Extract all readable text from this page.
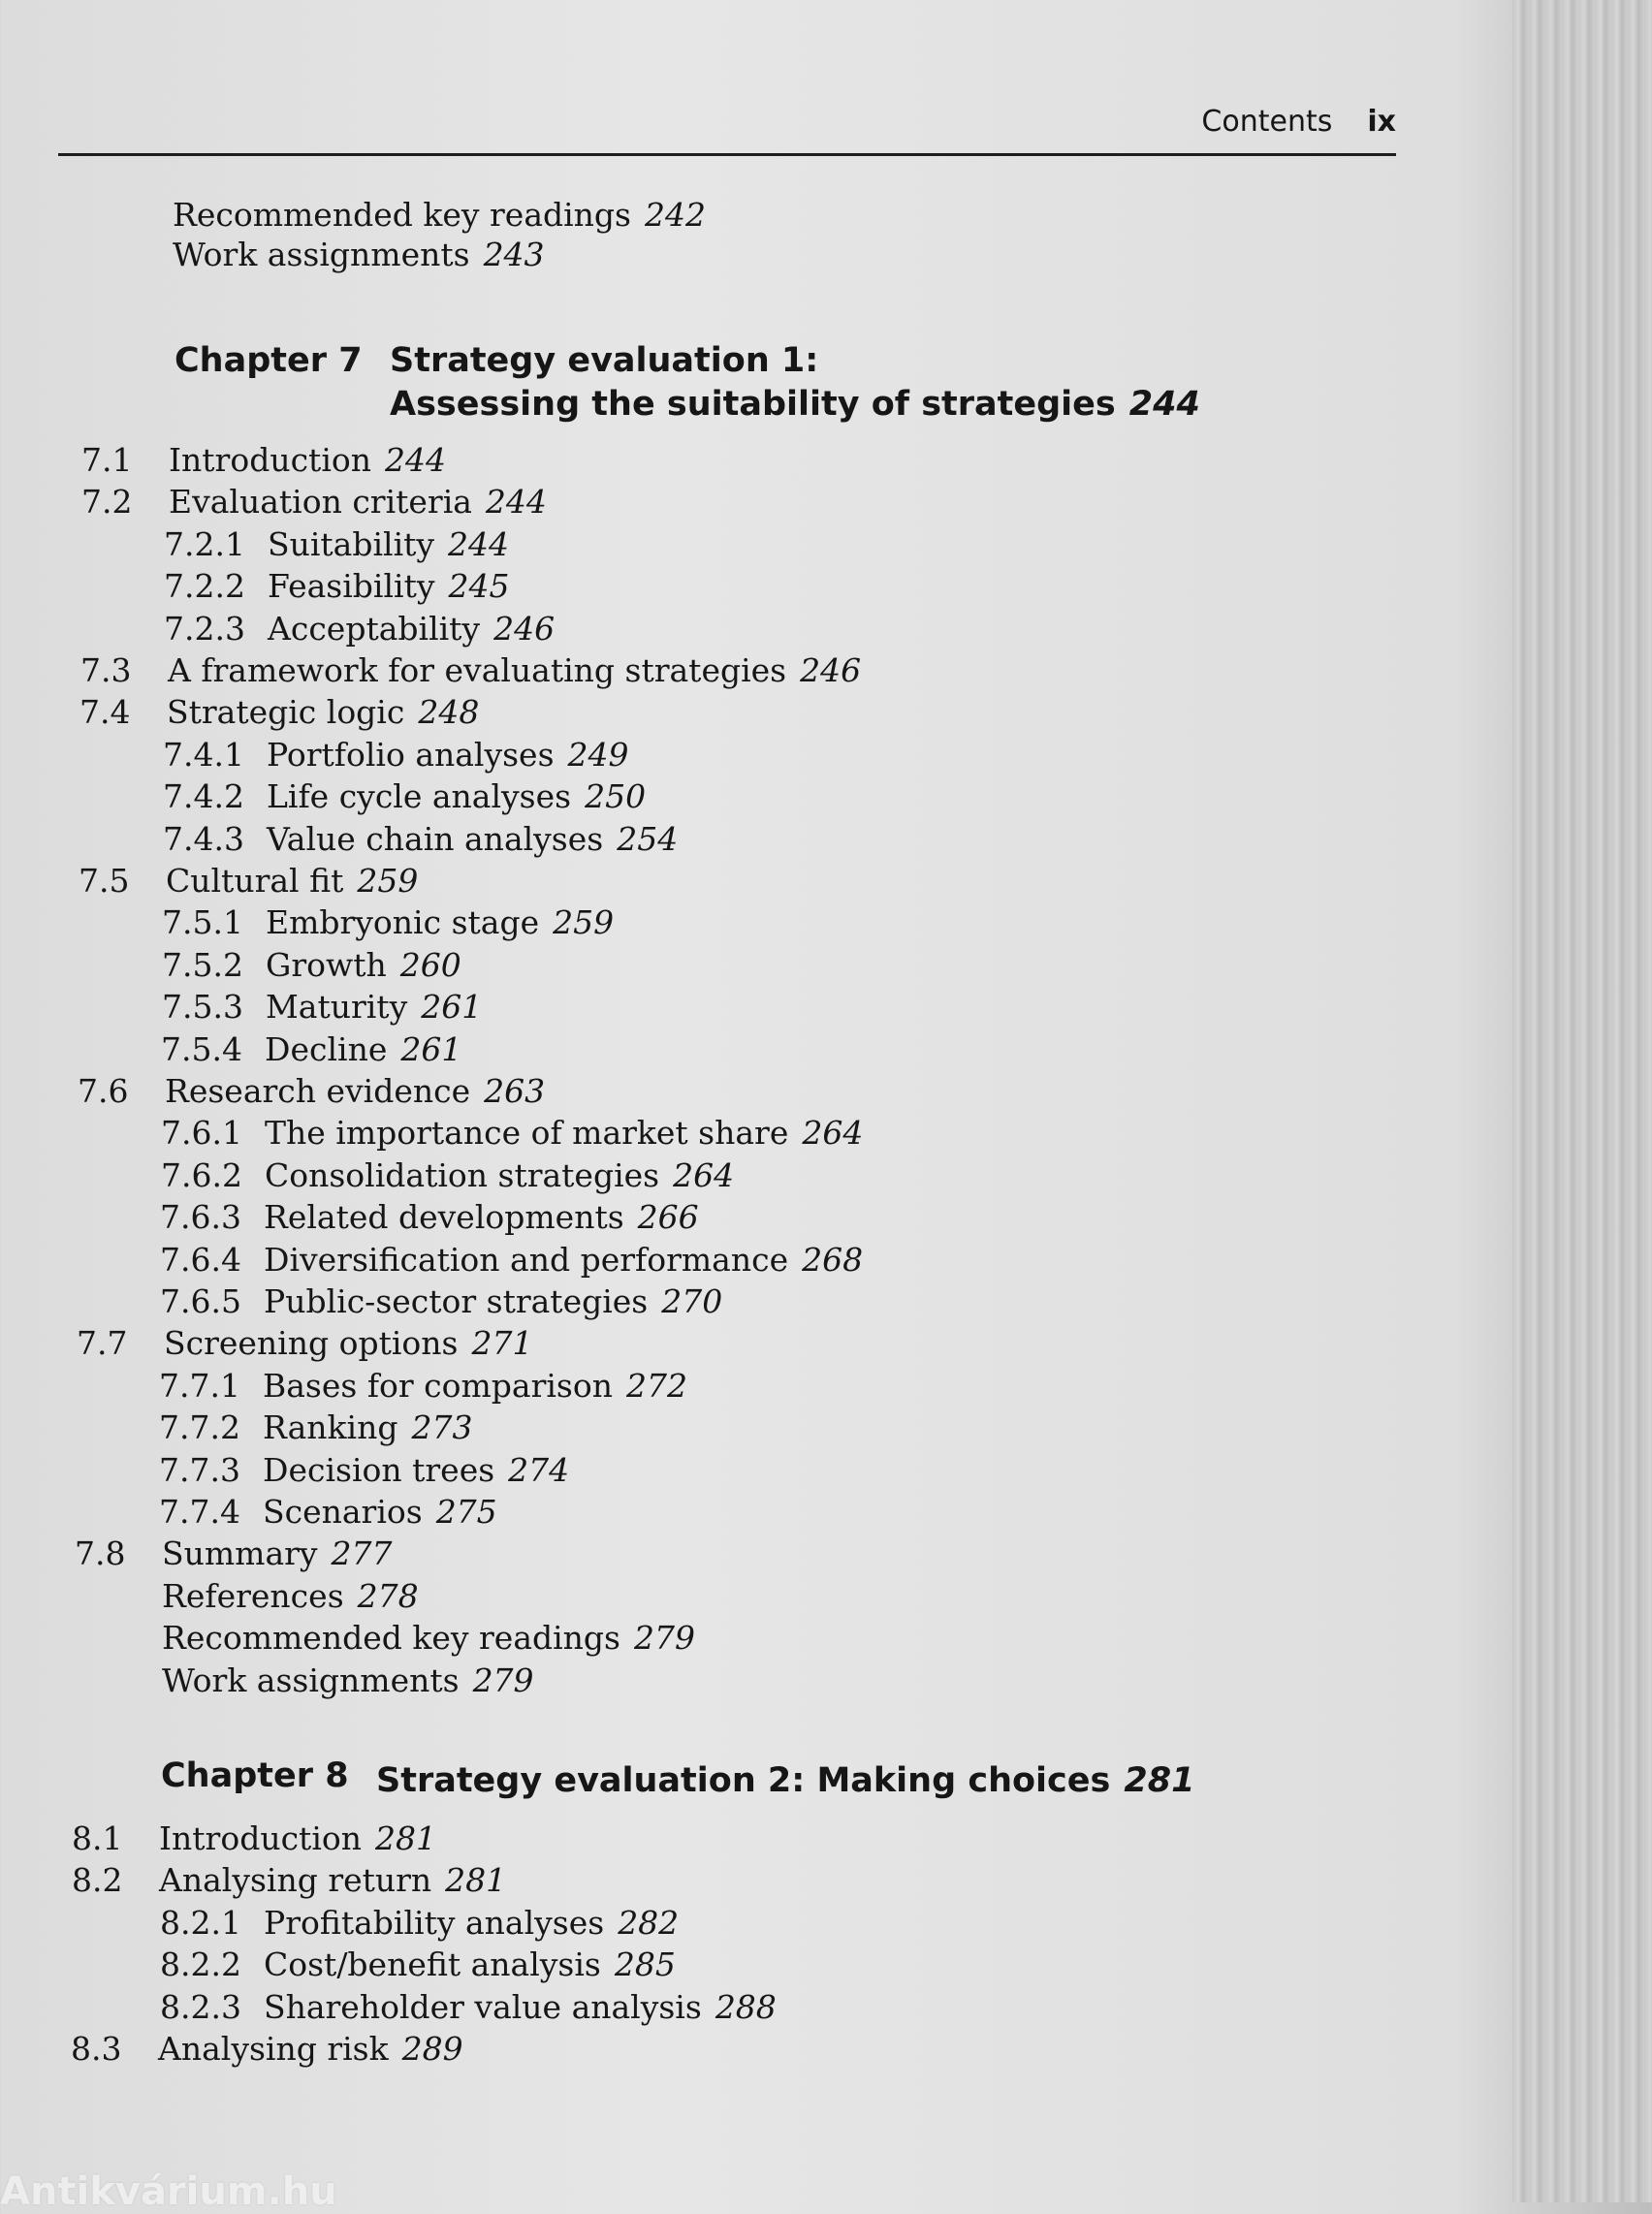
Contents ix
Recommended key readings 242
Work assignments 243
Chapter 7 Strategy evaluation 1:
Assessing the suitability of strategies 244
7.1 Introduction 244
7.2 Evaluation criteria 244
7.2.1 Suitability 244
7.2.2 Feasibility 245
7.2.3 Acceptability 246
7.3 A framework for evaluating strategies 246
7.4 Strategic logic 248
7.4.1 Portfolio analyses 249
7.4.2 Life cycle analyses 250
7.4.3 Value chain analyses 254
7.5 Cultural fit 259
7.5.1 Embryonic stage 259
7.5.2 Growth 260
7.5.3 Maturity 261
7.5.4 Decline 261
7.6 Research evidence 263
7.6.1 The importance of market share 264
7.6.2 Consolidation strategies 264
7.6.3 Related developments 266
7.6.4 Diversification and performance 268
7.6.5 Public-sector strategies 270
7.7 Screening options 271
7.7.1 Bases for comparison 272
7.7.2 Ranking 273
7.7.3 Decision trees 274
7.7.4 Scenarios 275
7.8 Summary 277
References 278
Recommended key readings 279
Work assignments 279
Chapter 8 Strategy evaluation 2: Making choices 281
8.1 Introduction 281
8.2 Analysing return 281
8.2.1 Profitability analyses 282
8.2.2 Cost/benefit analysis 285
8.2.3 Shareholder value analysis 288
8.3 Analysing risk 289
Antikvárium.hu
